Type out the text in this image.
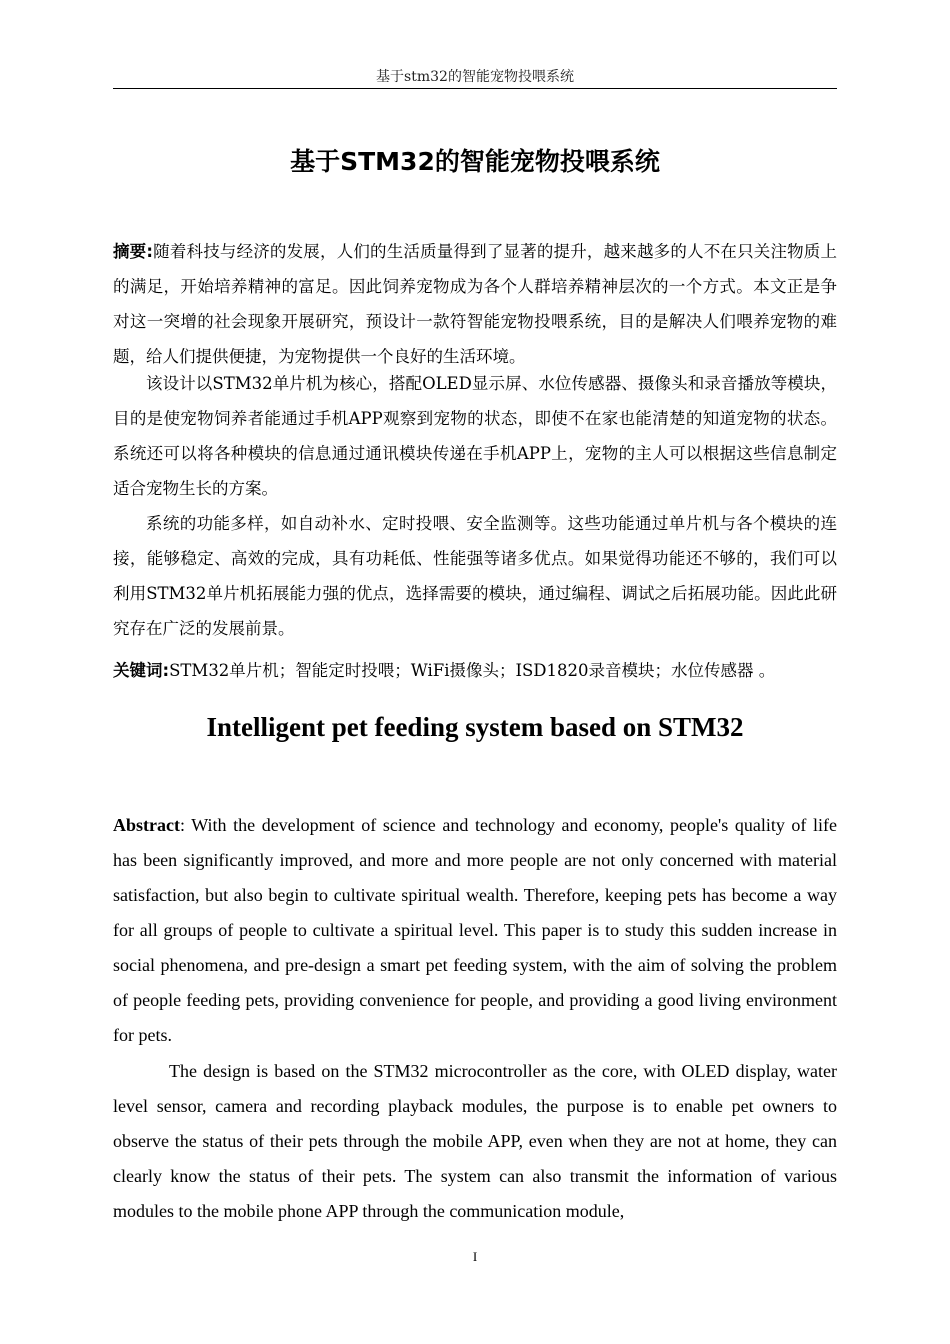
基于stm32的智能宠物投喂系统
基于STM32的智能宠物投喂系统
摘要:随着科技与经济的发展，人们的生活质量得到了显著的提升，越来越多的人不在只关注物质上的满足，开始培养精神的富足。因此饲养宠物成为各个人群培养精神层次的一个方式。本文正是争对这一突增的社会现象开展研究，预设计一款符智能宠物投喂系统，目的是解决人们喂养宠物的难题，给人们提供便捷，为宠物提供一个良好的生活环境。
该设计以STM32单片机为核心，搭配OLED显示屏、水位传感器、摄像头和录音播放等模块，目的是使宠物饲养者能通过手机APP观察到宠物的状态，即使不在家也能清楚的知道宠物的状态。系统还可以将各种模块的信息通过通讯模块传递在手机APP上，宠物的主人可以根据这些信息制定适合宠物生长的方案。
系统的功能多样，如自动补水、定时投喂、安全监测等。这些功能通过单片机与各个模块的连接，能够稳定、高效的完成，具有功耗低、性能强等诸多优点。如果觉得功能还不够的，我们可以利用STM32单片机拓展能力强的优点，选择需要的模块，通过编程、调试之后拓展功能。因此此研究存在广泛的发展前景。
关键词:STM32单片机；智能定时投喂；WiFi摄像头；ISD1820录音模块；水位传感器 。
Intelligent pet feeding system based on STM32
Abstract: With the development of science and technology and economy, people's quality of life has been significantly improved, and more and more people are not only concerned with material satisfaction, but also begin to cultivate spiritual wealth. Therefore, keeping pets has become a way for all groups of people to cultivate a spiritual level. This paper is to study this sudden increase in social phenomena, and pre-design a smart pet feeding system, with the aim of solving the problem of people feeding pets, providing convenience for people, and providing a good living environment for pets.
The design is based on the STM32 microcontroller as the core, with OLED display, water level sensor, camera and recording playback modules, the purpose is to enable pet owners to observe the status of their pets through the mobile APP, even when they are not at home, they can clearly know the status of their pets. The system can also transmit the information of various modules to the mobile phone APP through the communication module,
I
